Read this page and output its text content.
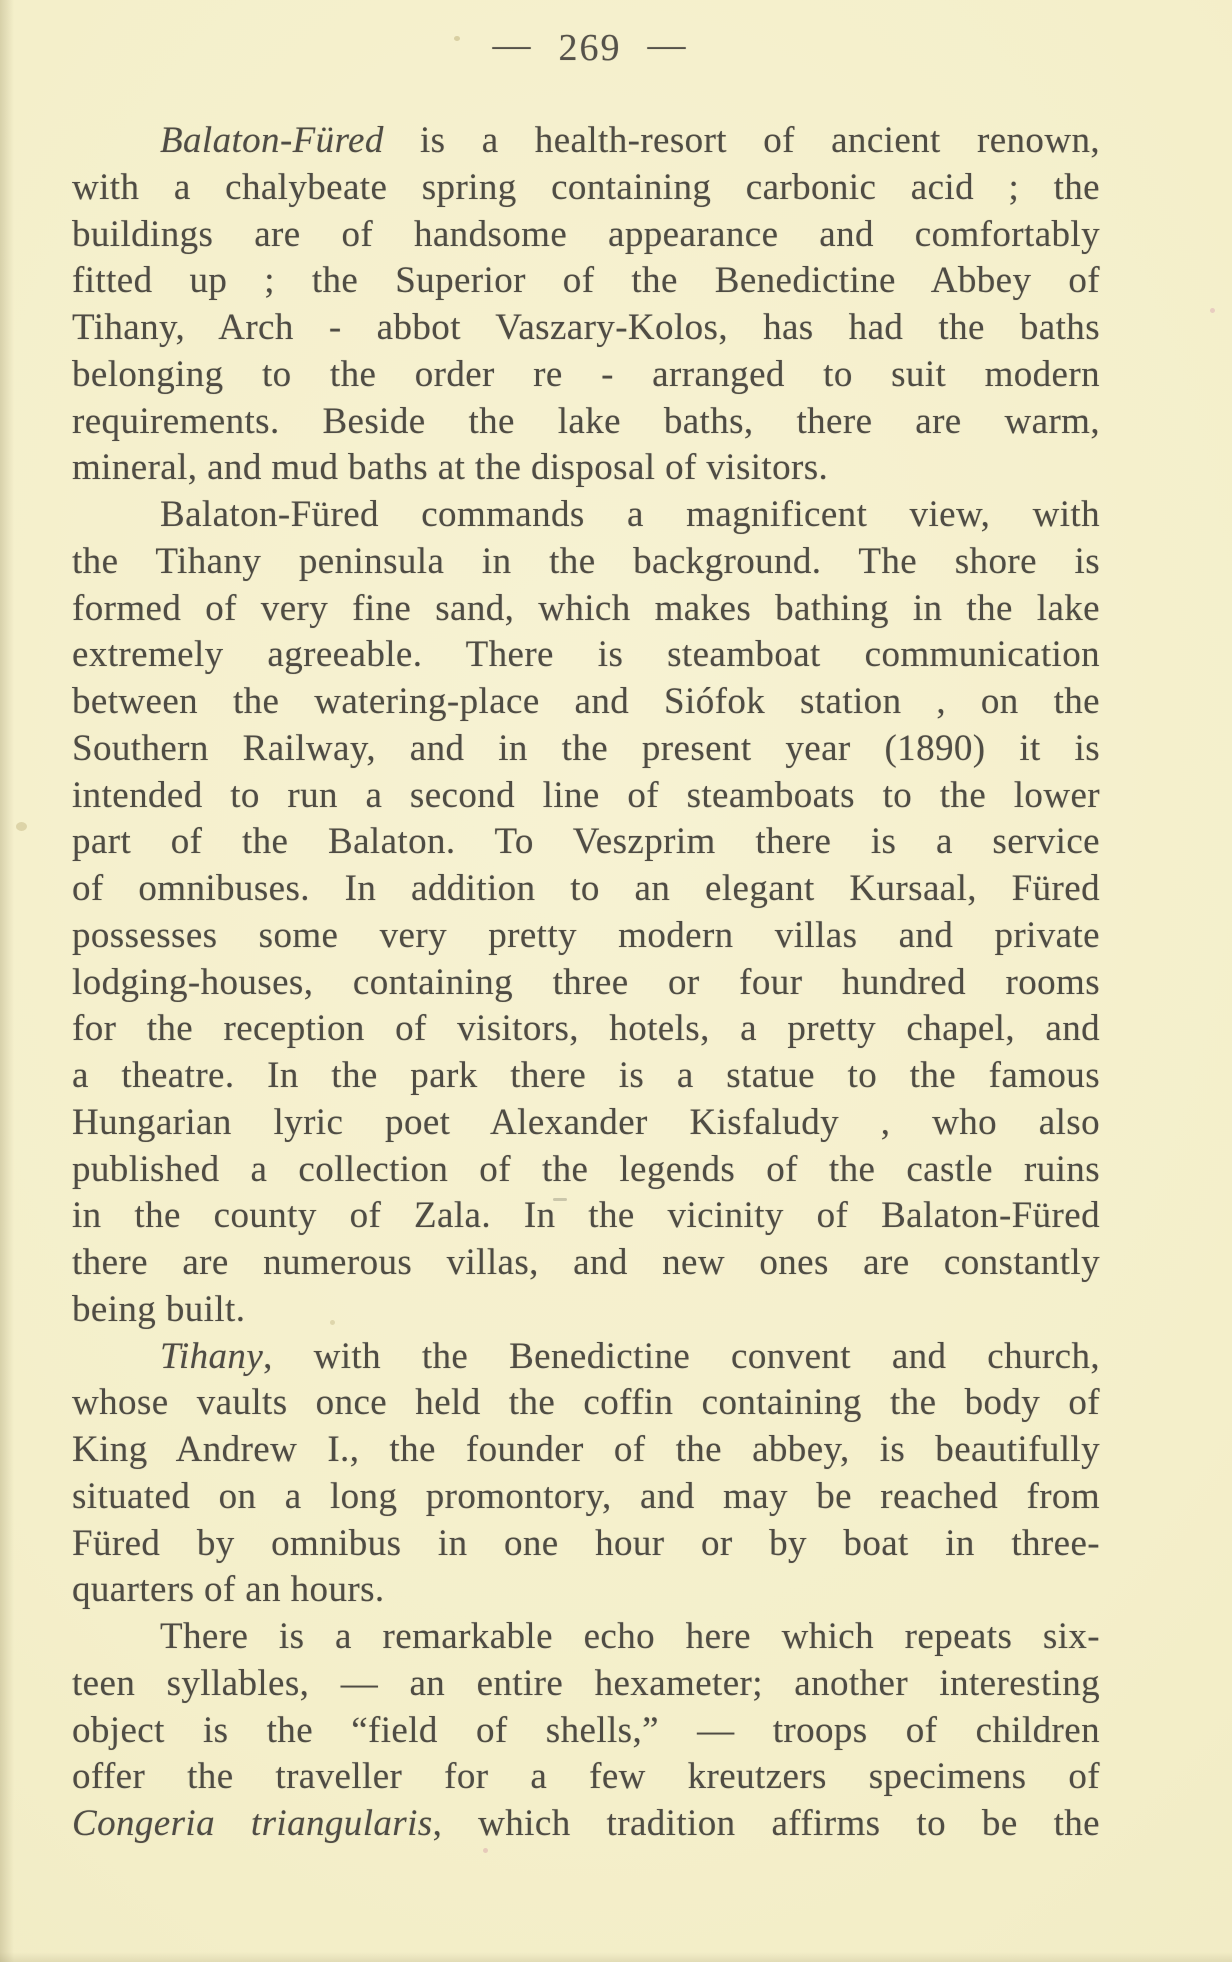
— 269 —
Balaton-Füred is a health-resort of ancient renown,
with a chalybeate spring containing carbonic acid ; the
buildings are of handsome appearance and comfortably
fitted up ; the Superior of the Benedictine Abbey of
Tihany, Arch - abbot Vaszary-Kolos, has had the baths
belonging to the order re - arranged to suit modern
requirements. Beside the lake baths, there are warm,
mineral, and mud baths at the disposal of visitors.
Balaton-Füred commands a magnificent view, with
the Tihany peninsula in the background. The shore is
formed of very fine sand, which makes bathing in the lake
extremely agreeable. There is steamboat communication
between the watering-place and Siófok station , on the
Southern Railway, and in the present year (1890) it is
intended to run a second line of steamboats to the lower
part of the Balaton. To Veszprim there is a service
of omnibuses. In addition to an elegant Kursaal, Füred
possesses some very pretty modern villas and private
lodging-houses, containing three or four hundred rooms
for the reception of visitors, hotels, a pretty chapel, and
a theatre. In the park there is a statue to the famous
Hungarian lyric poet Alexander Kisfaludy , who also
published a collection of the legends of the castle ruins
in the county of Zala. In the vicinity of Balaton-Füred
there are numerous villas, and new ones are constantly
being built.
Tihany, with the Benedictine convent and church,
whose vaults once held the coffin containing the body of
King Andrew I., the founder of the abbey, is beautifully
situated on a long promontory, and may be reached from
Füred by omnibus in one hour or by boat in three-
quarters of an hours.
There is a remarkable echo here which repeats six-
teen syllables, — an entire hexameter; another interesting
object is the “field of shells,” — troops of children
offer the traveller for a few kreutzers specimens of
Congeria triangularis, which tradition affirms to be the
